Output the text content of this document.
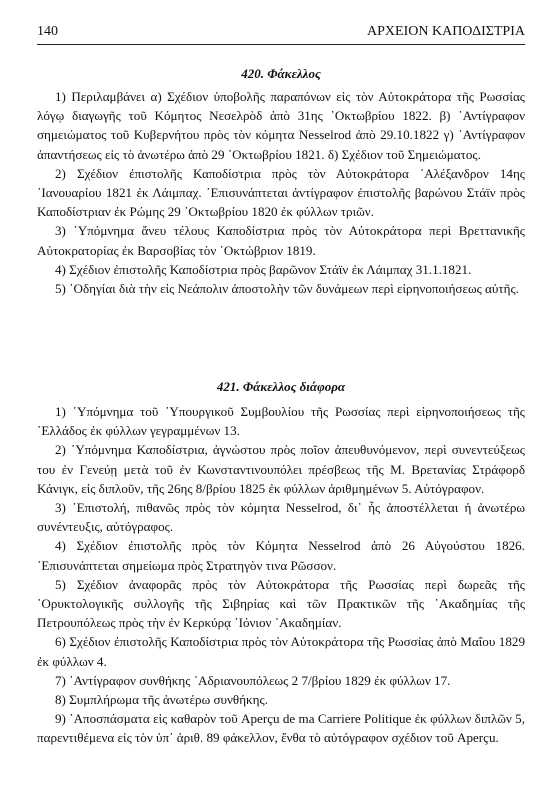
140	ΑΡΧΕΙΟΝ ΚΑΠΟΔΙΣΤΡΙΑ
420. Φάκελλος

1) Περιλαμβάνει α) Σχέδιον ὑποβολῆς παραπόνων εἰς τὸν Αὐτοκράτορα τῆς Ρωσσίας λόγῳ διαγωγῆς τοῦ Κόμητος Νεσελρὸδ ἀπὸ 31ης ᾿Οκτωβρίου 1822. β) ᾿Αντίγραφον σημειώματος τοῦ Κυβερνήτου πρὸς τὸν κόμητα Nesselrod ἀπὸ 29.10.1822 γ) ᾿Αντίγραφον ἀπαντήσεως εἰς τὸ ἀνωτέρω ἀπὸ 29 ᾿Οκτωβρίου 1821. δ) Σχέδιον τοῦ Σημειώματος.

2) Σχέδιον ἐπιστολῆς Καποδίστρια πρὸς τὸν Αὐτοκράτορα ᾿Αλέξανδρον 14ης ᾿Ιανουαρίου 1821 ἐκ Λάιμπαχ. ᾿Επισυνάπτεται ἀντίγραφον ἐπιστολῆς βαρώνου Στάϊν πρὸς Καποδίστριαν ἐκ Ρώμης 29 ᾿Οκτωβρίου 1820 ἐκ φύλλων τριῶν.

3) ῾Υπόμνημα ἄνευ τέλους Καποδίστρια πρὸς τὸν Αὐτοκράτορα περὶ Βρεττανικῆς Αὐτοκρατορίας ἐκ Βαρσοβίας τὸν ᾿Οκτώβριον 1819.

4) Σχέδιον ἐπιστολῆς Καποδίστρια πρὸς βαρῶνον Στάϊν ἐκ Λάιμπαχ 31.1.1821.

5) ᾿Οδηγίαι διὰ τὴν εἰς Νεάπολιν ἀποστολὴν τῶν δυνάμεων περὶ εἰρηνοποιήσεως αὐτῆς.

421. Φάκελλος διάφορα

1) ῾Υπόμνημα τοῦ ῾Υπουργικοῦ Συμβουλίου τῆς Ρωσσίας περὶ εἰρηνοποιήσεως τῆς ῾Ελλάδος ἐκ φύλλων γεγραμμένων 13.

2) ῾Υπόμνημα Καποδίστρια, ἀγνώστου πρὸς ποῖον ἀπευθυνόμενον, περὶ συνεντεύξεως του ἐν Γενεύῃ μετὰ τοῦ ἐν Κωνσταντινουπόλει πρέσβεως τῆς Μ. Βρετανίας Στράφορδ Κάνιγκ, εἰς διπλοῦν, τῆς 26ης 8/βρίου 1825 ἐκ φύλλων ἀριθμημένων 5. Αὐτόγραφον.

3) ᾿Επιστολή, πιθανῶς πρὸς τὸν κόμητα Nesselrod, δι᾿ ἧς ἀποστέλλεται ἡ ἀνωτέρω συνέντευξις, αὐτόγραφος.

4) Σχέδιον ἐπιστολῆς πρὸς τὸν Κόμητα Nesselrod ἀπὸ 26 Αὐγούστου 1826. ᾿Επισυνάπτεται σημείωμα πρὸς Στρατηγὸν τινα Ρῶσσον.

5) Σχέδιον ἀναφορᾶς πρὸς τὸν Αὐτοκράτορα τῆς Ρωσσίας περὶ δωρεᾶς τῆς ᾿Ορυκτολογικῆς συλλογῆς τῆς Σιβηρίας καὶ τῶν Πρακτικῶν τῆς ᾿Ακαδημίας τῆς Πετρουπόλεως πρὸς τὴν ἐν Κερκύρᾳ ᾿Ιόνιον ᾿Ακαδημίαν.

6) Σχέδιον ἐπιστολῆς Καποδίστρια πρὸς τὸν Αὐτοκράτορα τῆς Ρωσσίας ἀπὸ Μαΐου 1829 ἐκ φύλλων 4.

7) ᾿Αντίγραφον συνθήκης ᾿Αδριανουπόλεως 2 7/βρίου 1829 ἐκ φύλλων 17.

8) Συμπλήρωμα τῆς ἀνωτέρω συνθήκης.

9) ᾿Αποσπάσματα εἰς καθαρὸν τοῦ Aperçu de ma Carriere Politique ἐκ φύλλων διπλῶν 5, παρεντιθέμενα εἰς τὸν ὑπ᾿ ἀριθ. 89 φάκελλον, ἔνθα τὸ αὐτόγραφον σχέδιον τοῦ Aperçu.
